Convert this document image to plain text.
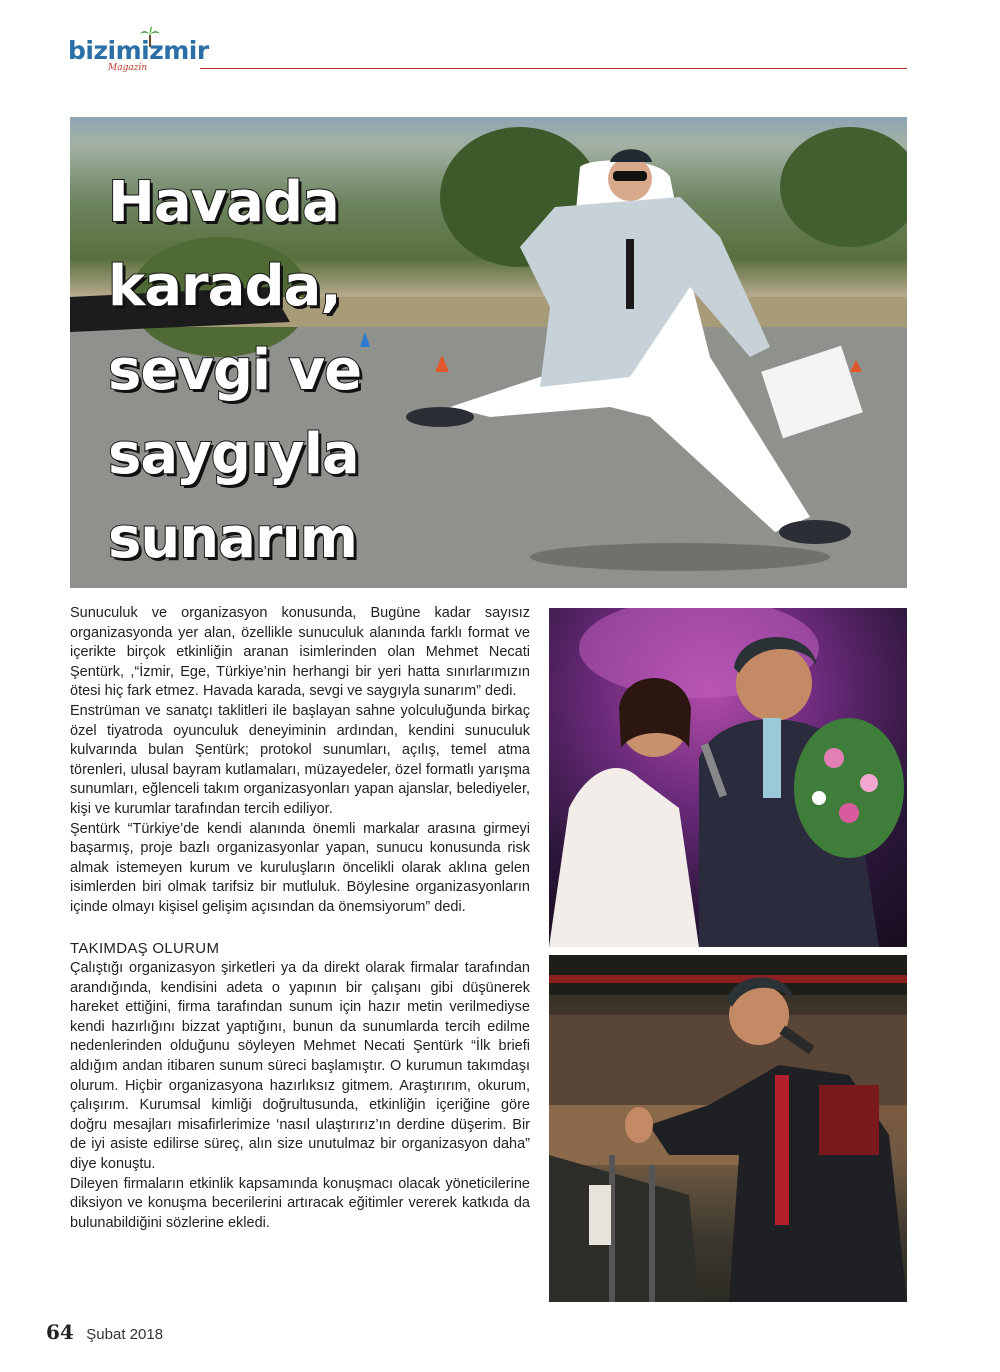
bizimizmir
Magazin
Havada
karada,
sevgi ve
saygıyla
sunarım

Sunuculuk ve organizasyon konusunda, Bugüne kadar sayısız organizasyonda yer alan, özellikle sunuculuk alanında farklı format ve içerikte birçok etkinliğin aranan isimlerinden olan Mehmet Necati Şentürk, ,“İzmir, Ege, Türkiye’nin herhangi bir yeri hatta sınırlarımızın ötesi hiç fark etmez. Havada karada, sevgi ve saygıyla sunarım” dedi.

Enstrüman ve sanatçı taklitleri ile başlayan sahne yolculuğunda birkaç özel tiyatroda oyunculuk deneyiminin ardından, kendini sunuculuk kulvarında bulan Şentürk; protokol sunumları, açılış, temel atma törenleri, ulusal bayram kutlamaları, müzayedeler, özel formatlı yarışma sunumları, eğlenceli takım organizasyonları yapan ajanslar, belediyeler, kişi ve kurumlar tarafından tercih ediliyor.

Şentürk “Türkiye’de kendi alanında önemli markalar arasına girmeyi başarmış, proje bazlı organizasyonlar yapan, sunucu konusunda risk almak istemeyen kurum ve kuruluşların öncelikli olarak aklına gelen isimlerden biri olmak tarifsiz bir mutluluk. Böylesine organizasyonların içinde olmayı kişisel gelişim açısından da önemsiyorum” dedi.

TAKIMDAŞ OLURUM

Çalıştığı organizasyon şirketleri ya da direkt olarak firmalar tarafından arandığında, kendisini adeta o yapının bir çalışanı gibi düşünerek hareket ettiğini, firma tarafından sunum için hazır metin verilmediyse kendi hazırlığını bizzat yaptığını, bunun da sunumlarda tercih edilme nedenlerinden olduğunu söyleyen Mehmet Necati Şentürk “İlk briefi aldığım andan itibaren sunum süreci başlamıştır. O kurumun takımdaşı olurum. Hiçbir organizasyona hazırlıksız gitmem. Araştırırım, okurum, çalışırım. Kurumsal kimliği doğrultusunda, etkinliğin içeriğine göre doğru mesajları misafirlerimize ‘nasıl ulaştırırız’ın derdine düşerim. Bir de iyi asiste edilirse süreç, alın size unutulmaz bir organizasyon daha” diye konuştu.

Dileyen firmaların etkinlik kapsamında konuşmacı olacak yöneticilerine diksiyon ve konuşma becerilerini artıracak eğitimler vererek katkıda da bulunabildiğini sözlerine ekledi.

64 Şubat 2018
